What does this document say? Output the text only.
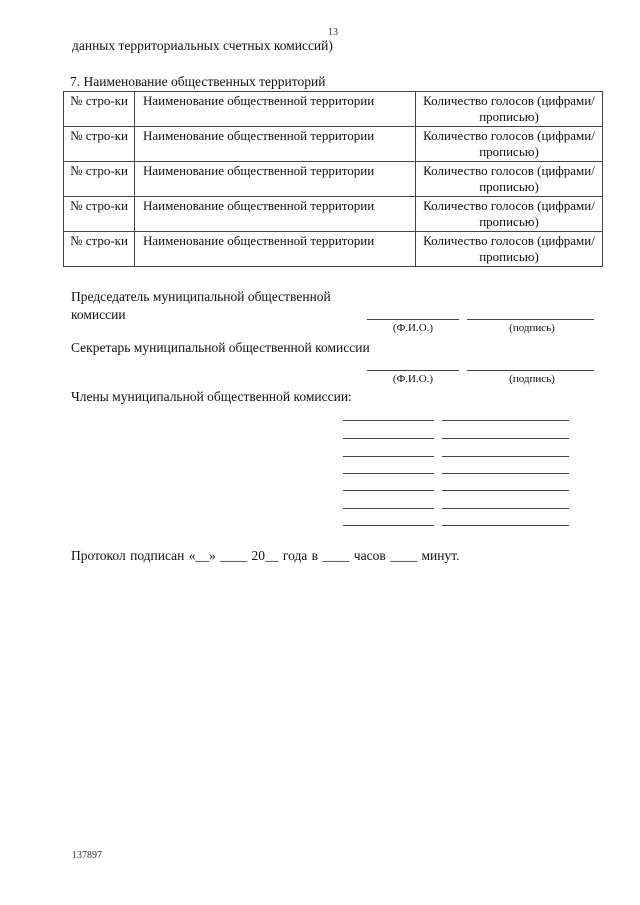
13
данных территориальных счетных комиссий)
7. Наименование общественных территорий
№ стро-ки	Наименование общественной территории	Количество голосов (цифрами/прописью)
№ стро-ки	Наименование общественной территории	Количество голосов (цифрами/прописью)
№ стро-ки	Наименование общественной территории	Количество голосов (цифрами/прописью)
№ стро-ки	Наименование общественной территории	Количество голосов (цифрами/прописью)
№ стро-ки	Наименование общественной территории	Количество голосов (цифрами/прописью)
Председатель муниципальной общественной комиссии
(Ф.И.О.)	(подпись)
Секретарь муниципальной общественной комиссии
(Ф.И.О.)	(подпись)
Члены муниципальной общественной комиссии:
Протокол подписан «__» ____ 20__ года в ____ часов ____ минут.
137897
